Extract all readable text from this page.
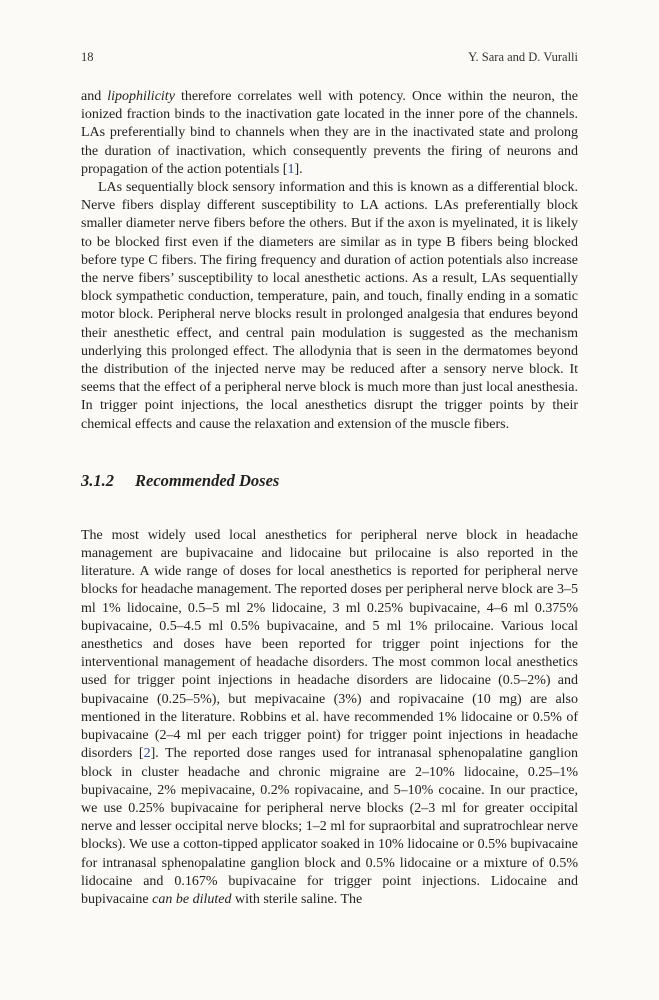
18	Y. Sara and D. Vuralli

and lipophilicity therefore correlates well with potency. Once within the neuron, the ionized fraction binds to the inactivation gate located in the inner pore of the channels. LAs preferentially bind to channels when they are in the inactivated state and prolong the duration of inactivation, which consequently prevents the firing of neurons and propagation of the action potentials [1].

LAs sequentially block sensory information and this is known as a differential block. Nerve fibers display different susceptibility to LA actions. LAs preferentially block smaller diameter nerve fibers before the others. But if the axon is myelinated, it is likely to be blocked first even if the diameters are similar as in type B fibers being blocked before type C fibers. The firing frequency and duration of action potentials also increase the nerve fibers’ susceptibility to local anesthetic actions. As a result, LAs sequentially block sympathetic conduction, temperature, pain, and touch, finally ending in a somatic motor block. Peripheral nerve blocks result in prolonged analgesia that endures beyond their anesthetic effect, and central pain modulation is suggested as the mechanism underlying this prolonged effect. The allodynia that is seen in the dermatomes beyond the distribution of the injected nerve may be reduced after a sensory nerve block. It seems that the effect of a peripheral nerve block is much more than just local anesthesia. In trigger point injections, the local anesthetics disrupt the trigger points by their chemical effects and cause the relaxation and extension of the muscle fibers.

3.1.2 Recommended Doses

The most widely used local anesthetics for peripheral nerve block in headache management are bupivacaine and lidocaine but prilocaine is also reported in the literature. A wide range of doses for local anesthetics is reported for peripheral nerve blocks for headache management. The reported doses per peripheral nerve block are 3–5 ml 1% lidocaine, 0.5–5 ml 2% lidocaine, 3 ml 0.25% bupivacaine, 4–6 ml 0.375% bupivacaine, 0.5–4.5 ml 0.5% bupivacaine, and 5 ml 1% prilocaine. Various local anesthetics and doses have been reported for trigger point injections for the interventional management of headache disorders. The most common local anesthetics used for trigger point injections in headache disorders are lidocaine (0.5–2%) and bupivacaine (0.25–5%), but mepivacaine (3%) and ropivacaine (10 mg) are also mentioned in the literature. Robbins et al. have recommended 1% lidocaine or 0.5% of bupivacaine (2–4 ml per each trigger point) for trigger point injections in headache disorders [2]. The reported dose ranges used for intranasal sphenopalatine ganglion block in cluster headache and chronic migraine are 2–10% lidocaine, 0.25–1% bupivacaine, 2% mepivacaine, 0.2% ropivacaine, and 5–10% cocaine. In our practice, we use 0.25% bupivacaine for peripheral nerve blocks (2–3 ml for greater occipital nerve and lesser occipital nerve blocks; 1–2 ml for supraorbital and supratrochlear nerve blocks). We use a cotton-tipped applicator soaked in 10% lidocaine or 0.5% bupivacaine for intranasal sphenopalatine ganglion block and 0.5% lidocaine or a mixture of 0.5% lidocaine and 0.167% bupivacaine for trigger point injections. Lidocaine and bupivacaine can be diluted with sterile saline. The
